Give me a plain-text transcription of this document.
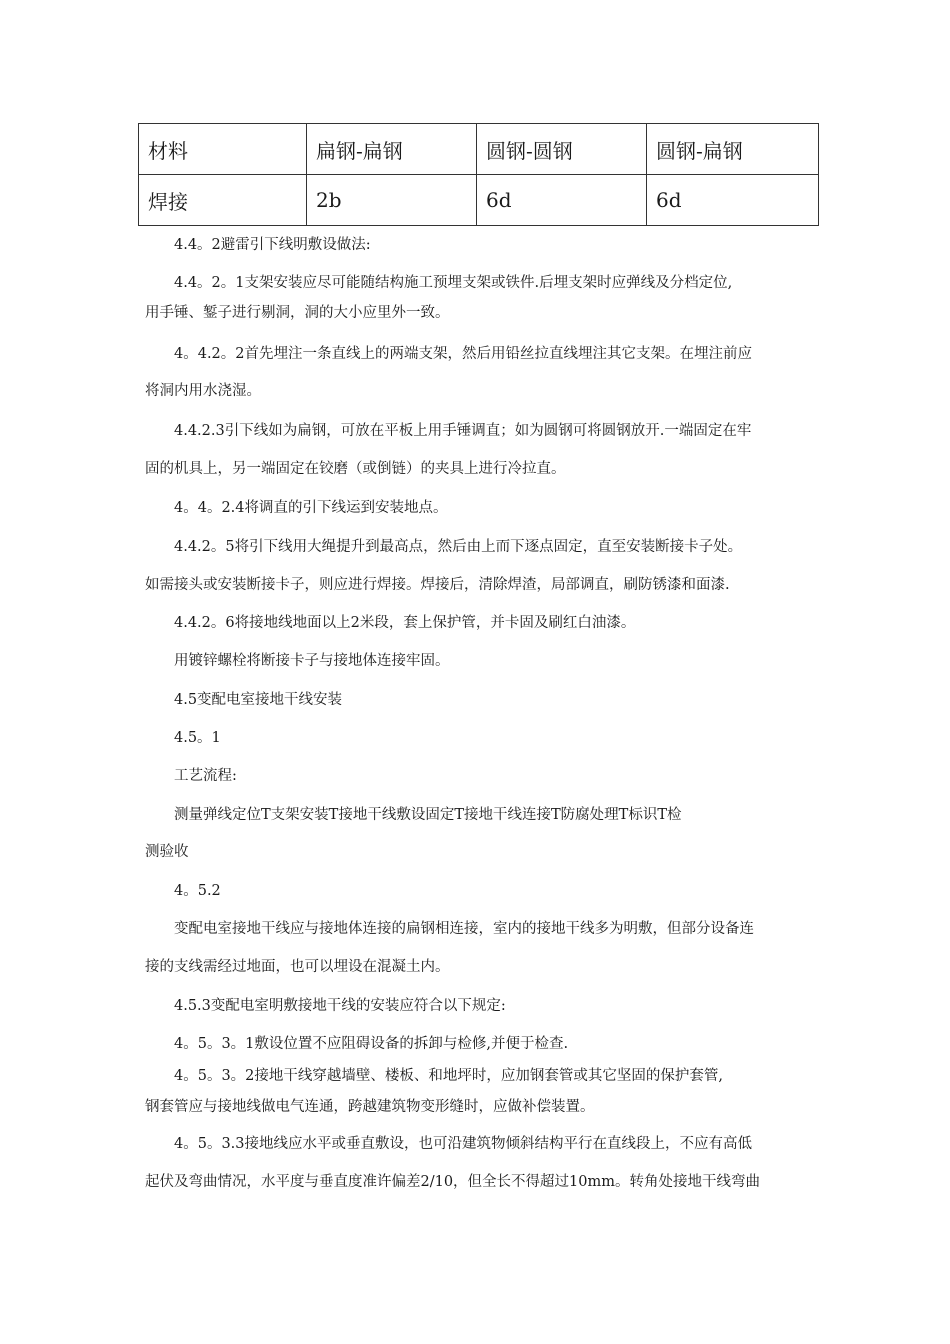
材料	扁钢-扁钢	圆钢-圆钢	圆钢-扁钢
焊接	2b	6d	6d
4.4。2避雷引下线明敷设做法:
4.4。2。1支架安装应尽可能随结构施工预埋支架或铁件.后埋支架时应弹线及分档定位,
用手锤、錾子进行剔洞，洞的大小应里外一致。
4。4.2。2首先埋注一条直线上的两端支架，然后用铅丝拉直线埋注其它支架。在埋注前应
将洞内用水浇湿。
4.4.2.3引下线如为扁钢，可放在平板上用手锤调直；如为圆钢可将圆钢放开.一端固定在牢
固的机具上，另一端固定在铰磨（或倒链）的夹具上进行冷拉直。
4。4。2.4将调直的引下线运到安装地点。
4.4.2。5将引下线用大绳提升到最高点，然后由上而下逐点固定，直至安装断接卡子处。
如需接头或安装断接卡子，则应进行焊接。焊接后，清除焊渣，局部调直，刷防锈漆和面漆.
4.4.2。6将接地线地面以上2米段，套上保护管，并卡固及刷红白油漆。
用镀锌螺栓将断接卡子与接地体连接牢固。
4.5变配电室接地干线安装
4.5。1
工艺流程:
测量弹线定位T支架安装T接地干线敷设固定T接地干线连接T防腐处理T标识T检
测验收
4。5.2
变配电室接地干线应与接地体连接的扁钢相连接，室内的接地干线多为明敷，但部分设备连
接的支线需经过地面，也可以埋设在混凝土内。
4.5.3变配电室明敷接地干线的安装应符合以下规定:
4。5。3。1敷设位置不应阻碍设备的拆卸与检修,并便于检查.
4。5。3。2接地干线穿越墙壁、楼板、和地坪时，应加钢套管或其它坚固的保护套管,
钢套管应与接地线做电气连通，跨越建筑物变形缝时，应做补偿装置。
4。5。3.3接地线应水平或垂直敷设，也可沿建筑物倾斜结构平行在直线段上，不应有高低
起伏及弯曲情况，水平度与垂直度准许偏差2/10，但全长不得超过10mm。转角处接地干线弯曲
